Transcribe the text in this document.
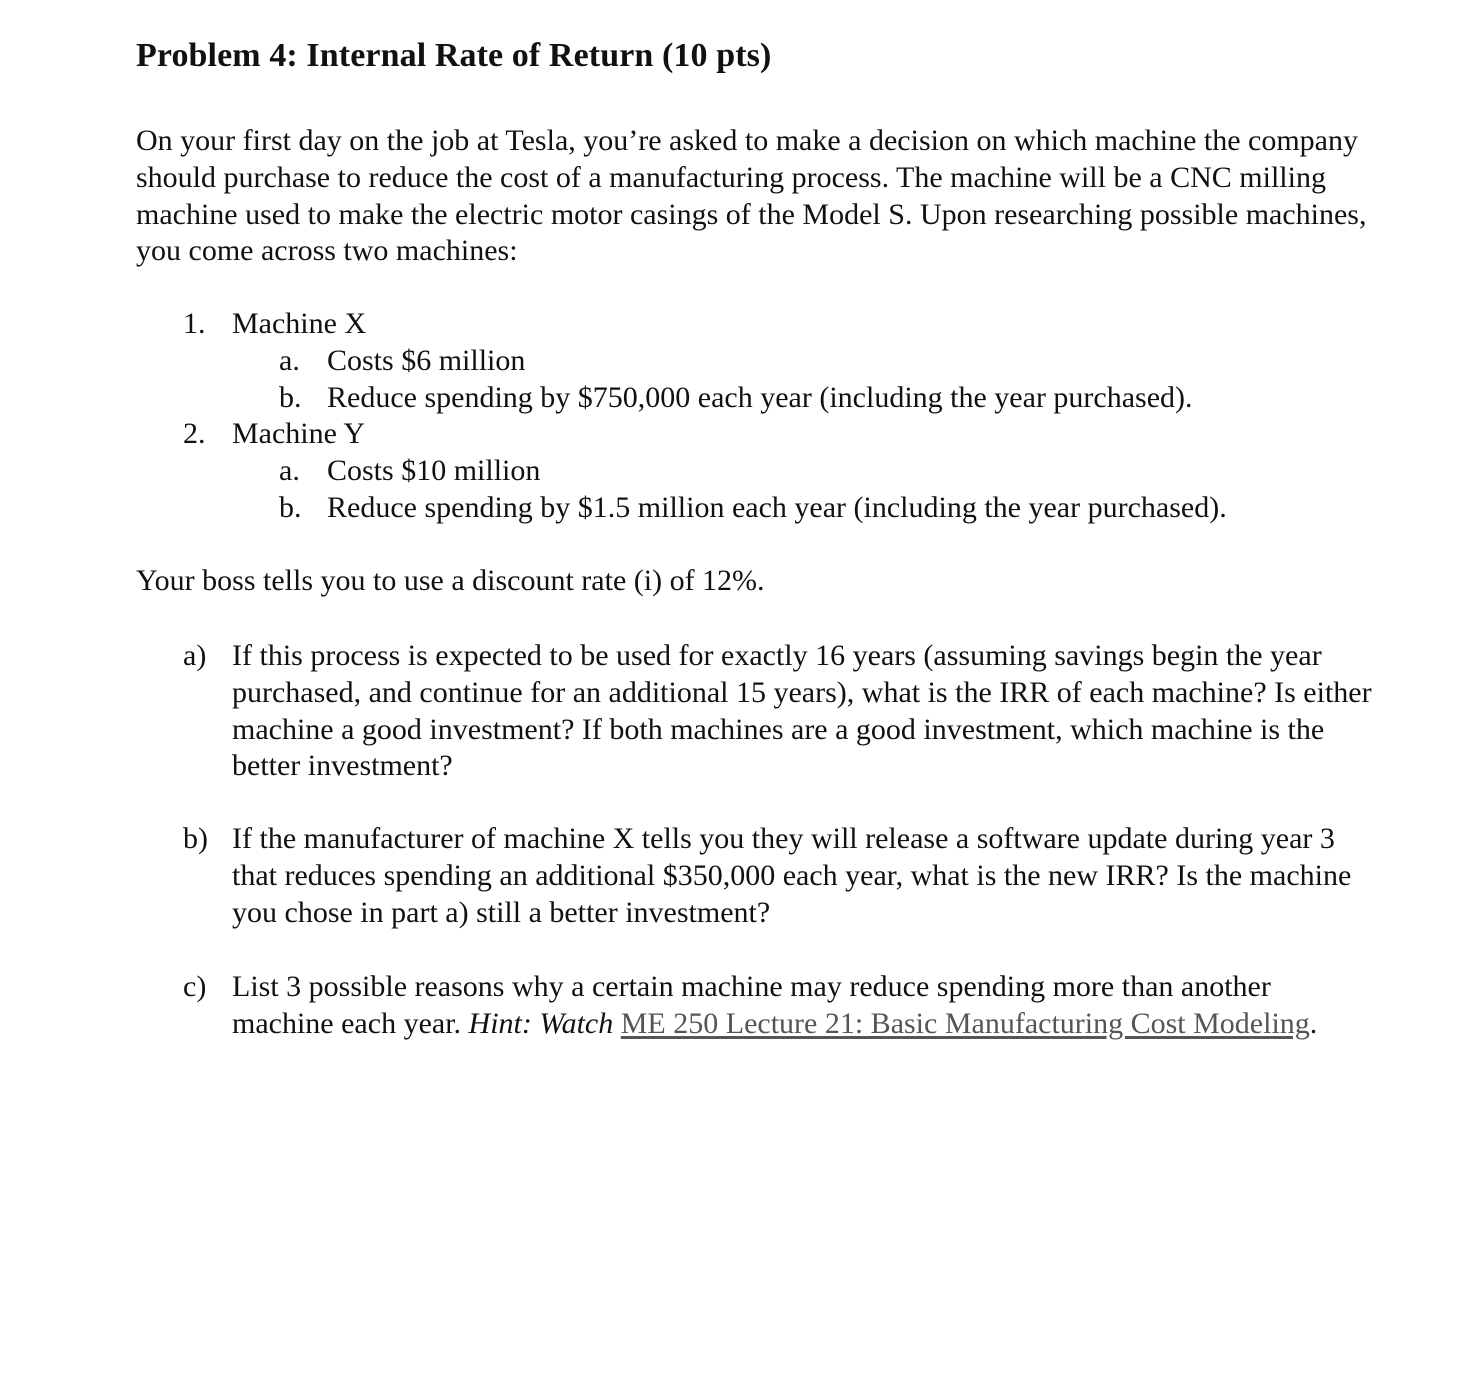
Problem 4: Internal Rate of Return (10 pts)

On your first day on the job at Tesla, you’re asked to make a decision on which machine the company should purchase to reduce the cost of a manufacturing process. The machine will be a CNC milling machine used to make the electric motor casings of the Model S. Upon researching possible machines, you come across two machines:

1. Machine X
a. Costs $6 million
b. Reduce spending by $750,000 each year (including the year purchased).
2. Machine Y
a. Costs $10 million
b. Reduce spending by $1.5 million each year (including the year purchased).

Your boss tells you to use a discount rate (i) of 12%.

a) If this process is expected to be used for exactly 16 years (assuming savings begin the year purchased, and continue for an additional 15 years), what is the IRR of each machine? Is either machine a good investment? If both machines are a good investment, which machine is the better investment?
b) If the manufacturer of machine X tells you they will release a software update during year 3 that reduces spending an additional $350,000 each year, what is the new IRR? Is the machine you chose in part a) still a better investment?
c) List 3 possible reasons why a certain machine may reduce spending more than another machine each year. Hint: Watch ME 250 Lecture 21: Basic Manufacturing Cost Modeling.
